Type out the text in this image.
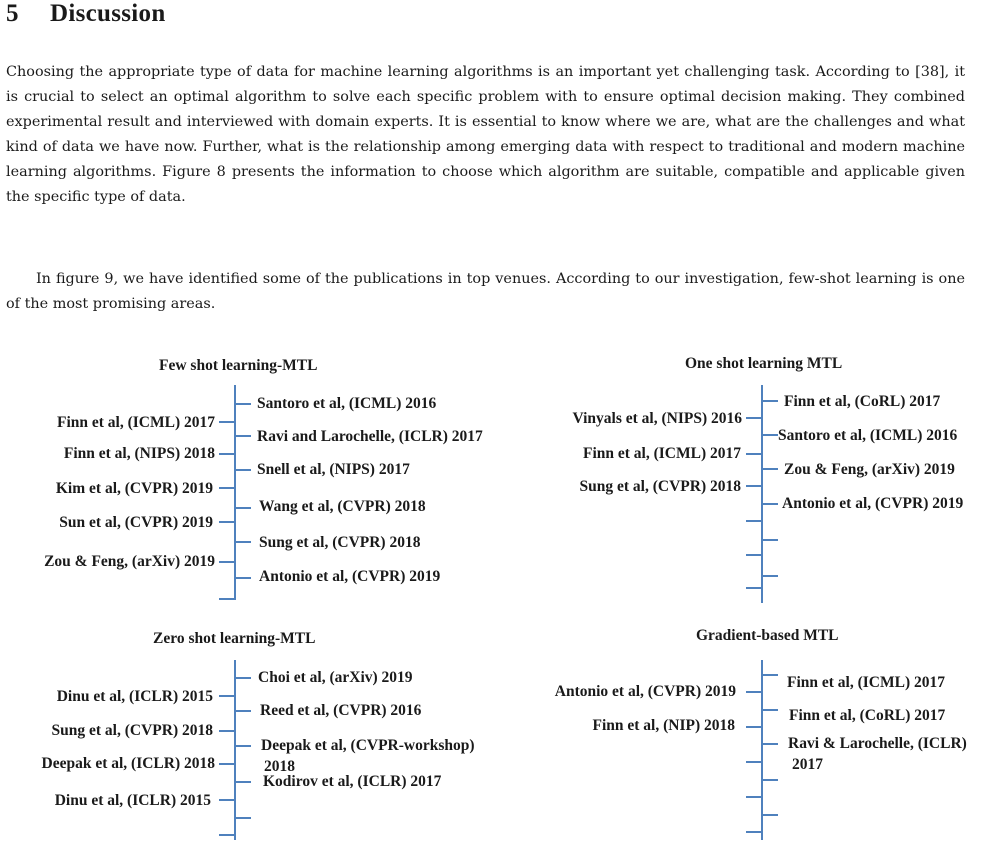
5 Discussion

Choosing the appropriate type of data for machine learning algorithms is an important yet challenging task. According to [38], it is crucial to select an optimal algorithm to solve each specific problem with to ensure optimal decision making. They combined experimental result and interviewed with domain experts. It is essential to know where we are, what are the challenges and what kind of data we have now. Further, what is the relationship among emerging data with respect to traditional and modern machine learning algorithms. Figure 8 presents the information to choose which algorithm are suitable, compatible and applicable given the specific type of data.

In figure 9, we have identified some of the publications in top venues. According to our investigation, few-shot learning is one of the most promising areas.

Few shot learning-MTL	One shot learning MTL
Zero shot learning-MTL	Gradient-based MTL
Finn et al, (ICML) 2017
Finn et al, (NIPS) 2018
Kim et al, (CVPR) 2019
Sun et al, (CVPR) 2019
Zou & Feng, (arXiv) 2019
Santoro et al, (ICML) 2016
Ravi and Larochelle, (ICLR) 2017
Snell et al, (NIPS) 2017
Wang et al, (CVPR) 2018
Sung et al, (CVPR) 2018
Antonio et al, (CVPR) 2019
Vinyals et al, (NIPS) 2016
Finn et al, (ICML) 2017
Sung et al, (CVPR) 2018
Finn et al, (CoRL) 2017
Santoro et al, (ICML) 2016
Zou & Feng, (arXiv) 2019
Antonio et al, (CVPR) 2019
Dinu et al, (ICLR) 2015
Sung et al, (CVPR) 2018
Deepak et al, (ICLR) 2018
Dinu et al, (ICLR) 2015
Choi et al, (arXiv) 2019
Reed et al, (CVPR) 2016
Deepak et al, (CVPR-workshop)
2018
Kodirov et al, (ICLR) 2017
Antonio et al, (CVPR) 2019
Finn et al, (NIP) 2018
Finn et al, (ICML) 2017
Finn et al, (CoRL) 2017
Ravi & Larochelle, (ICLR)
2017
